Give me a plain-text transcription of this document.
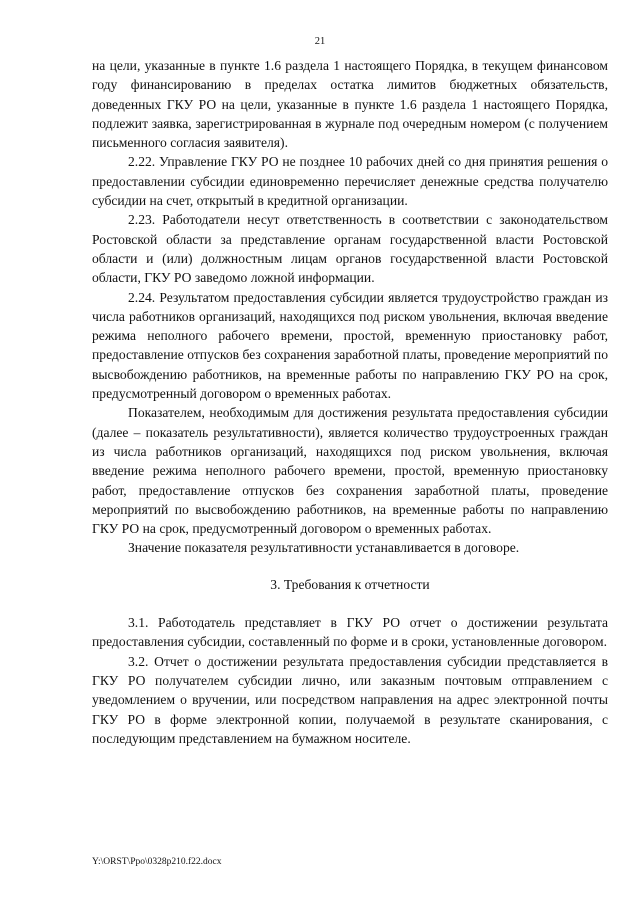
21

на цели, указанные в пункте 1.6 раздела 1 настоящего Порядка, в текущем финансовом году финансированию в пределах остатка лимитов бюджетных обязательств, доведенных ГКУ РО на цели, указанные в пункте 1.6 раздела 1 настоящего Порядка, подлежит заявка, зарегистрированная в журнале под очередным номером (с получением письменного согласия заявителя).

2.22. Управление ГКУ РО не позднее 10 рабочих дней со дня принятия решения о предоставлении субсидии единовременно перечисляет денежные средства получателю субсидии на счет, открытый в кредитной организации.

2.23. Работодатели несут ответственность в соответствии с законодательством Ростовской области за представление органам государственной власти Ростовской области и (или) должностным лицам органов государственной власти Ростовской области, ГКУ РО заведомо ложной информации.

2.24. Результатом предоставления субсидии является трудоустройство граждан из числа работников организаций, находящихся под риском увольнения, включая введение режима неполного рабочего времени, простой, временную приостановку работ, предоставление отпусков без сохранения заработной платы, проведение мероприятий по высвобождению работников, на временные работы по направлению ГКУ РО на срок, предусмотренный договором о временных работах.

Показателем, необходимым для достижения результата предоставления субсидии (далее – показатель результативности), является количество трудоустроенных граждан из числа работников организаций, находящихся под риском увольнения, включая введение режима неполного рабочего времени, простой, временную приостановку работ, предоставление отпусков без сохранения заработной платы, проведение мероприятий по высвобождению работников, на временные работы по направлению ГКУ РО на срок, предусмотренный договором о временных работах.

Значение показателя результативности устанавливается в договоре.

3. Требования к отчетности

3.1. Работодатель представляет в ГКУ РО отчет о достижении результата предоставления субсидии, составленный по форме и в сроки, установленные договором.

3.2. Отчет о достижении результата предоставления субсидии представляется в ГКУ РО получателем субсидии лично, или заказным почтовым отправлением с уведомлением о вручении, или посредством направления на адрес электронной почты ГКУ РО в форме электронной копии, получаемой в результате сканирования, с последующим представлением на бумажном носителе.

Y:\ORST\Ppo\0328p210.f22.docx
